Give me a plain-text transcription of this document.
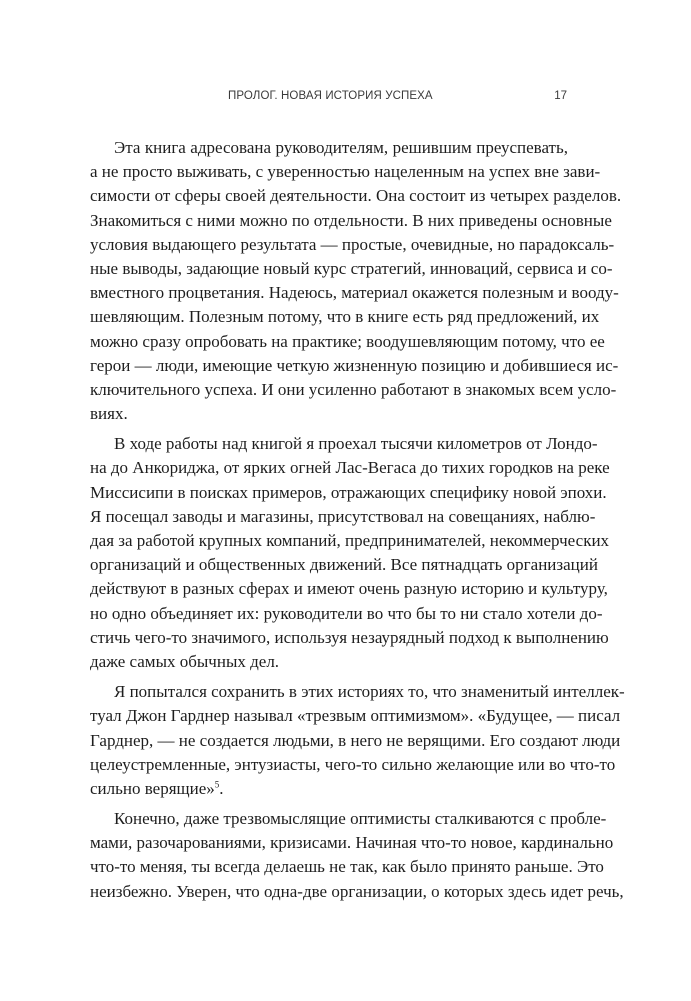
ПРОЛОГ. НОВАЯ ИСТОРИЯ УСПЕХА	17
Эта книга адресована руководителям, решившим преуспевать,
а не просто выживать, с уверенностью нацеленным на успех вне зави-
симости от сферы своей деятельности. Она состоит из четырех разделов.
Знакомиться с ними можно по отдельности. В них приведены основные
условия выдающего результата — простые, очевидные, но парадоксаль-
ные выводы, задающие новый курс стратегий, инноваций, сервиса и со-
вместного процветания. Надеюсь, материал окажется полезным и вооду-
шевляющим. Полезным потому, что в книге есть ряд предложений, их
можно сразу опробовать на практике; воодушевляющим потому, что ее
герои — люди, имеющие четкую жизненную позицию и добившиеся ис-
ключительного успеха. И они усиленно работают в знакомых всем усло-
виях.
В ходе работы над книгой я проехал тысячи километров от Лондо-
на до Анкориджа, от ярких огней Лас-Вегаса до тихих городков на реке
Миссисипи в поисках примеров, отражающих специфику новой эпохи.
Я посещал заводы и магазины, присутствовал на совещаниях, наблю-
дая за работой крупных компаний, предпринимателей, некоммерческих
организаций и общественных движений. Все пятнадцать организаций
действуют в разных сферах и имеют очень разную историю и культуру,
но одно объединяет их: руководители во что бы то ни стало хотели до-
стичь чего-то значимого, используя незаурядный подход к выполнению
даже самых обычных дел.
Я попытался сохранить в этих историях то, что знаменитый интеллек-
туал Джон Гарднер называл «трезвым оптимизмом». «Будущее, — писал
Гарднер, — не создается людьми, в него не верящими. Его создают люди
целеустремленные, энтузиасты, чего-то сильно желающие или во что-то
сильно верящие»$^5$.
Конечно, даже трезвомыслящие оптимисты сталкиваются с пробле-
мами, разочарованиями, кризисами. Начиная что-то новое, кардинально
что-то меняя, ты всегда делаешь не так, как было принято раньше. Это
неизбежно. Уверен, что одна-две организации, о которых здесь идет речь,
